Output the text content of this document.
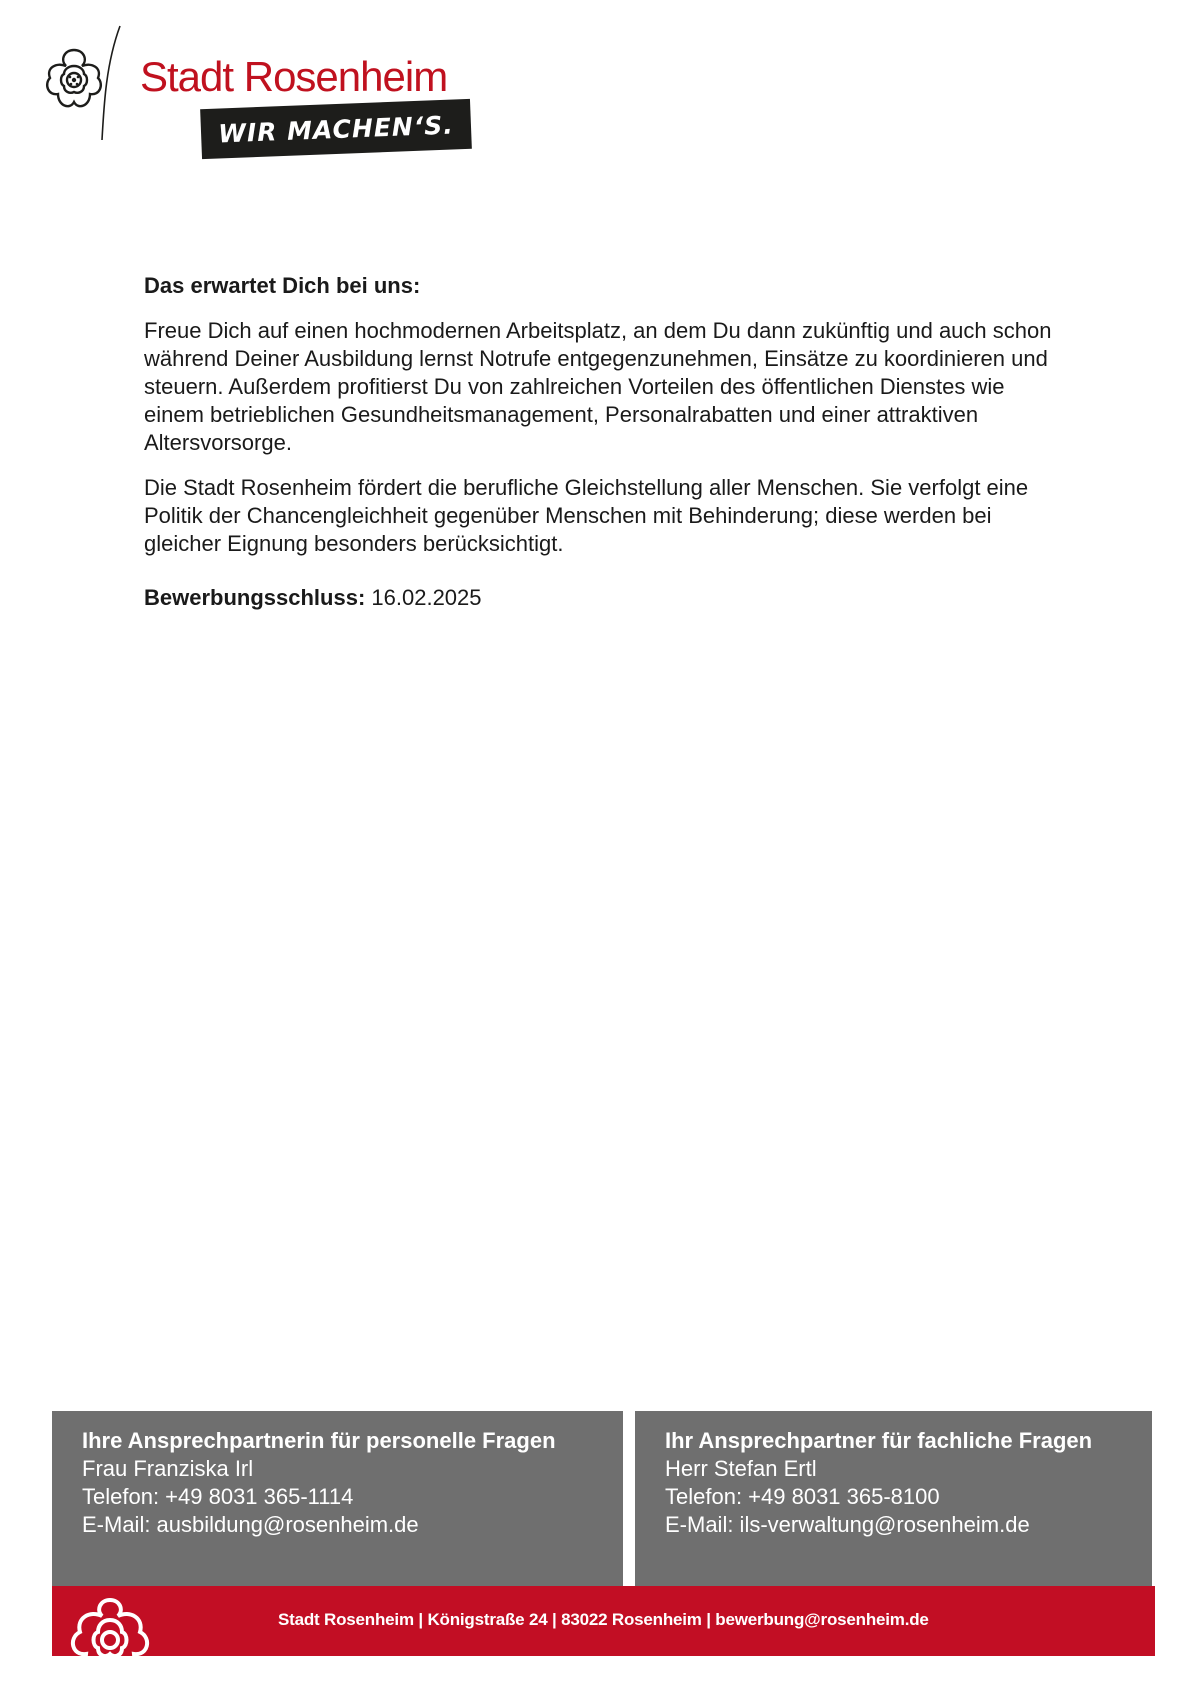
Stadt Rosenheim
WIR MACHEN‘S.
Das erwartet Dich bei uns:

Freue Dich auf einen hochmodernen Arbeitsplatz, an dem Du dann zukünftig und auch schon während Deiner Ausbildung lernst Notrufe entgegenzunehmen, Einsätze zu koordinieren und steuern. Außerdem profitierst Du von zahlreichen Vorteilen des öffentlichen Dienstes wie einem betrieblichen Gesundheitsmanagement, Personalrabatten und einer attraktiven Altersvorsorge.

Die Stadt Rosenheim fördert die berufliche Gleichstellung aller Menschen. Sie verfolgt eine Politik der Chancengleichheit gegenüber Menschen mit Behinderung; diese werden bei gleicher Eignung besonders berücksichtigt.

Bewerbungsschluss: 16.02.2025

Ihre Ansprechpartnerin für personelle Fragen

Frau Franziska Irl

Telefon: +49 8031 365-1114

E-Mail: ausbildung@rosenheim.de

Ihr Ansprechpartner für fachliche Fragen

Herr Stefan Ertl

Telefon: +49 8031 365-8100

E-Mail: ils-verwaltung@rosenheim.de

Stadt Rosenheim | Königstraße 24 | 83022 Rosenheim | bewerbung@rosenheim.de
